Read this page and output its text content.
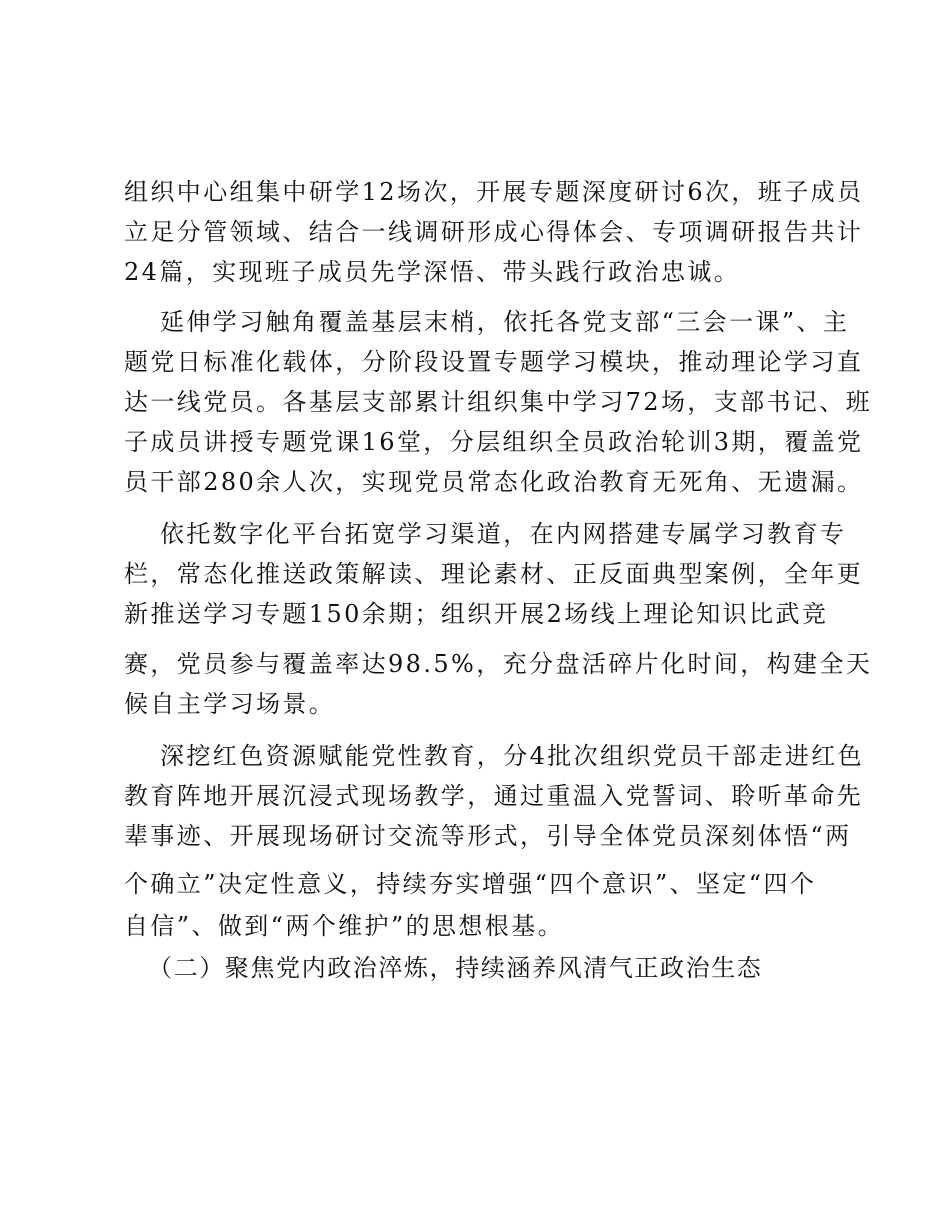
组织中心组集中研学12场次，开展专题深度研讨6次，班子成员
立足分管领域、结合一线调研形成心得体会、专项调研报告共计
24篇，实现班子成员先学深悟、带头践行政治忠诚。
延伸学习触角覆盖基层末梢，依托各党支部“三会一课”、主
题党日标准化载体，分阶段设置专题学习模块，推动理论学习直
达一线党员。各基层支部累计组织集中学习72场，支部书记、班
子成员讲授专题党课16堂，分层组织全员政治轮训3期，覆盖党
员干部280余人次，实现党员常态化政治教育无死角、无遗漏。
依托数字化平台拓宽学习渠道，在内网搭建专属学习教育专
栏，常态化推送政策解读、理论素材、正反面典型案例，全年更
新推送学习专题150余期；组织开展2场线上理论知识比武竞
赛，党员参与覆盖率达98.5%，充分盘活碎片化时间，构建全天
候自主学习场景。
深挖红色资源赋能党性教育，分4批次组织党员干部走进红色
教育阵地开展沉浸式现场教学，通过重温入党誓词、聆听革命先
辈事迹、开展现场研讨交流等形式，引导全体党员深刻体悟“两
个确立”决定性意义，持续夯实增强“四个意识”、坚定“四个
自信”、做到“两个维护”的思想根基。
（二）聚焦党内政治淬炼，持续涵养风清气正政治生态
